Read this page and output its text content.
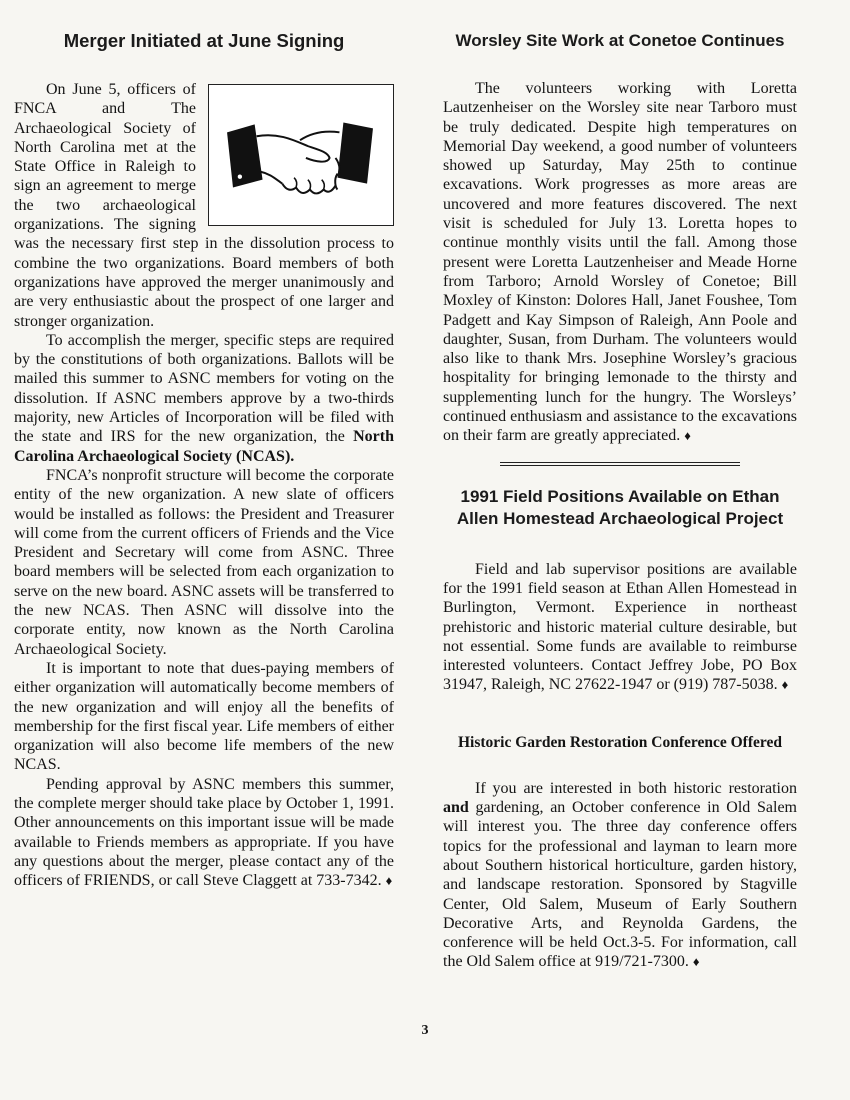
Merger Initiated at June Signing

On June 5, officers of FNCA and The Archaeological Society of North Carolina met at the State Office in Raleigh to sign an agreement to merge the two archaeological organizations. The signing was the necessary first step in the dissolution process to combine the two organizations. Board members of both organizations have approved the merger unanimously and are very enthusiastic about the prospect of one larger and stronger organization.

To accomplish the merger, specific steps are required by the constitutions of both organizations. Ballots will be mailed this summer to ASNC members for voting on the dissolution. If ASNC members approve by a two-thirds majority, new Articles of Incorporation will be filed with the state and IRS for the new organization, the North Carolina Archaeological Society (NCAS).

FNCA’s nonprofit structure will become the corporate entity of the new organization. A new slate of officers would be installed as follows: the President and Treasurer will come from the current officers of Friends and the Vice President and Secretary will come from ASNC. Three board members will be selected from each organization to serve on the new board. ASNC assets will be transferred to the new NCAS. Then ASNC will dissolve into the corporate entity, now known as the North Carolina Archaeological Society.

It is important to note that dues-paying members of either organization will automatically become members of the new organization and will enjoy all the benefits of membership for the first fiscal year. Life members of either organization will also become life members of the new NCAS.

Pending approval by ASNC members this summer, the complete merger should take place by October 1, 1991. Other announcements on this important issue will be made available to Friends members as appropriate. If you have any questions about the merger, please contact any of the officers of FRIENDS, or call Steve Claggett at 733-7342. ♦

Worsley Site Work at Conetoe Continues

The volunteers working with Loretta Lautzenheiser on the Worsley site near Tarboro must be truly dedicated. Despite high temperatures on Memorial Day weekend, a good number of volunteers showed up Saturday, May 25th to continue excavations. Work progresses as more areas are uncovered and more features discovered. The next visit is scheduled for July 13. Loretta hopes to continue monthly visits until the fall. Among those present were Loretta Lautzenheiser and Meade Horne from Tarboro; Arnold Worsley of Conetoe; Bill Moxley of Kinston: Dolores Hall, Janet Foushee, Tom Padgett and Kay Simpson of Raleigh, Ann Poole and daughter, Susan, from Durham. The volunteers would also like to thank Mrs. Josephine Worsley’s gracious hospitality for bringing lemonade to the thirsty and supplementing lunch for the hungry. The Worsleys’ continued enthusiasm and assistance to the excavations on their farm are greatly appreciated. ♦

1991 Field Positions Available on Ethan Allen Homestead Archaeological Project

Field and lab supervisor positions are available for the 1991 field season at Ethan Allen Homestead in Burlington, Vermont. Experience in northeast prehistoric and historic material culture desirable, but not essential. Some funds are available to reimburse interested volunteers. Contact Jeffrey Jobe, PO Box 31947, Raleigh, NC 27622-1947 or (919) 787-5038. ♦

Historic Garden Restoration Conference Offered

If you are interested in both historic restoration and gardening, an October conference in Old Salem will interest you. The three day conference offers topics for the professional and layman to learn more about Southern historical horticulture, garden history, and landscape restoration. Sponsored by Stagville Center, Old Salem, Museum of Early Southern Decorative Arts, and Reynolda Gardens, the conference will be held Oct.3-5. For information, call the Old Salem office at 919/721-7300. ♦

3
